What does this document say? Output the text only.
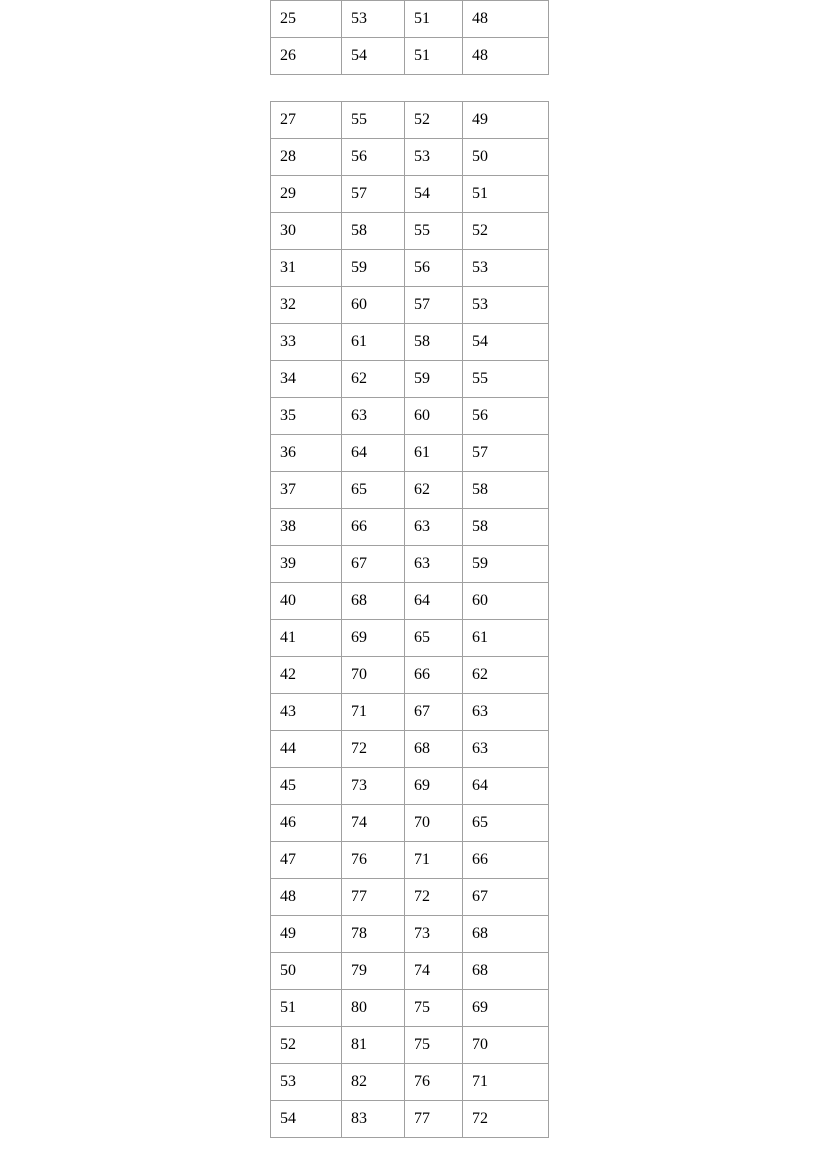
25	53	51	48
26	54	51	48
27	55	52	49
28	56	53	50
29	57	54	51
30	58	55	52
31	59	56	53
32	60	57	53
33	61	58	54
34	62	59	55
35	63	60	56
36	64	61	57
37	65	62	58
38	66	63	58
39	67	63	59
40	68	64	60
41	69	65	61
42	70	66	62
43	71	67	63
44	72	68	63
45	73	69	64
46	74	70	65
47	76	71	66
48	77	72	67
49	78	73	68
50	79	74	68
51	80	75	69
52	81	75	70
53	82	76	71
54	83	77	72
